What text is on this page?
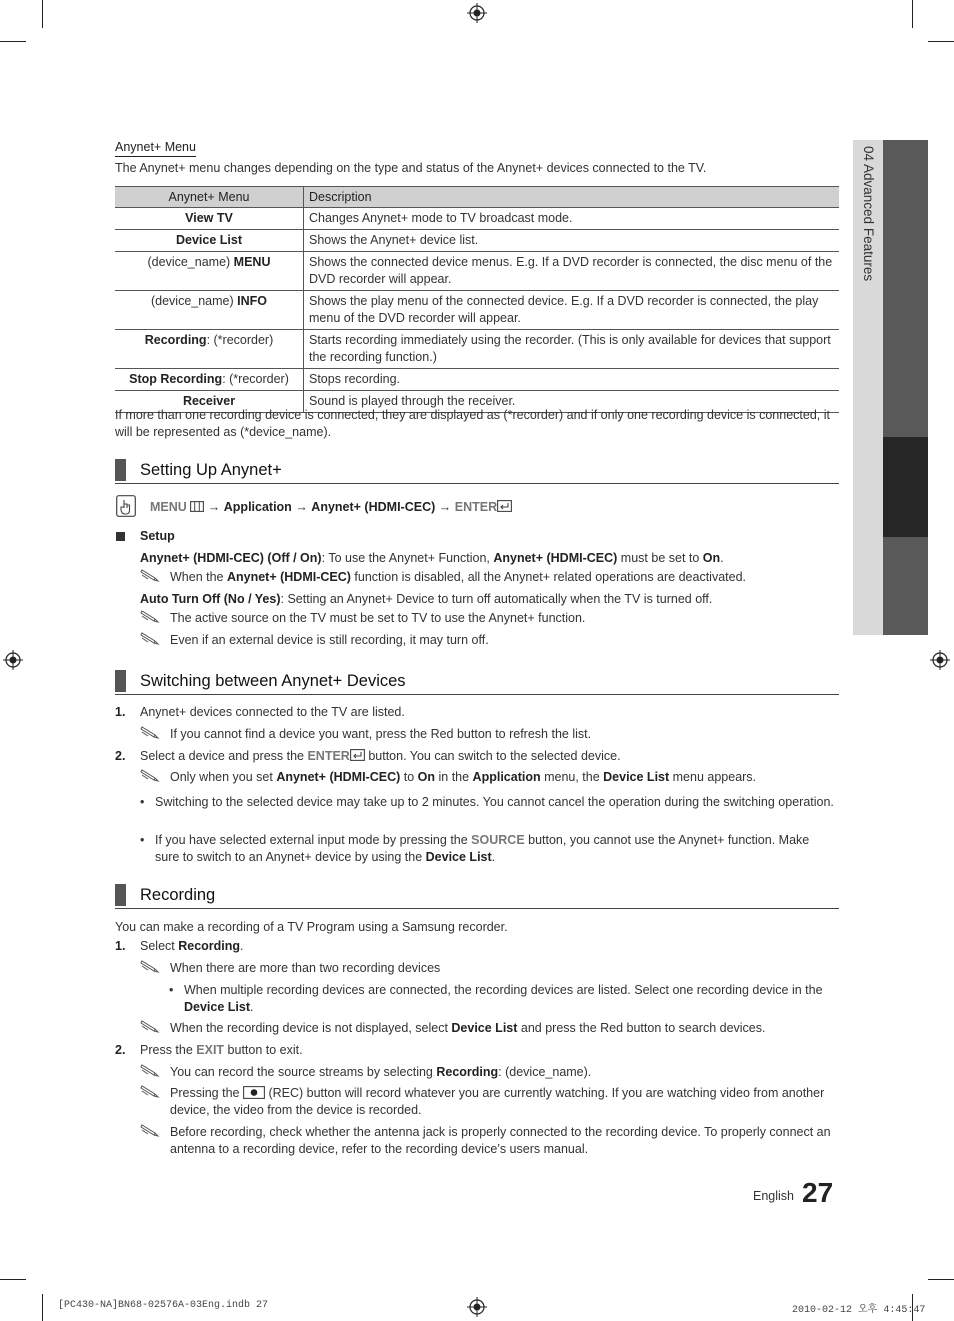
04 Advanced Features
Anynet+ Menu
The Anynet+ menu changes depending on the type and status of the Anynet+ devices connected to the TV.
Anynet+ Menu	Description
View TV	Changes Anynet+ mode to TV broadcast mode.
Device List	Shows the Anynet+ device list.
(device_name) MENU	Shows the connected device menus. E.g. If a DVD recorder is connected, the disc menu of the DVD recorder will appear.
(device_name) INFO	Shows the play menu of the connected device. E.g. If a DVD recorder is connected, the play menu of the DVD recorder will appear.
Recording: (*recorder)	Starts recording immediately using the recorder. (This is only available for devices that support the recording function.)
Stop Recording: (*recorder)	Stops recording.
Receiver	Sound is played through the receiver.
If more than one recording device is connected, they are displayed as (*recorder) and if only one recording device is connected, it will be represented as (*device_name).
Setting Up Anynet+
MENU → Application → Anynet+ (HDMI-CEC) → ENTER
Setup
Anynet+ (HDMI-CEC) (Off / On): To use the Anynet+ Function, Anynet+ (HDMI-CEC) must be set to On.
When the Anynet+ (HDMI-CEC) function is disabled, all the Anynet+ related operations are deactivated.
Auto Turn Off (No / Yes): Setting an Anynet+ Device to turn off automatically when the TV is turned off.
The active source on the TV must be set to TV to use the Anynet+ function.
Even if an external device is still recording, it may turn off.
Switching between Anynet+ Devices
1. Anynet+ devices connected to the TV are listed.
If you cannot find a device you want, press the Red button to refresh the list.
2. Select a device and press the ENTER button. You can switch to the selected device.
Only when you set Anynet+ (HDMI-CEC) to On in the Application menu, the Device List menu appears.
• Switching to the selected device may take up to 2 minutes. You cannot cancel the operation during the switching operation.
• If you have selected external input mode by pressing the SOURCE button, you cannot use the Anynet+ function. Make sure to switch to an Anynet+ device by using the Device List.
Recording
You can make a recording of a TV Program using a Samsung recorder.
1. Select Recording.
When there are more than two recording devices
• When multiple recording devices are connected, the recording devices are listed. Select one recording device in the Device List.
When the recording device is not displayed, select Device List and press the Red button to search devices.
2. Press the EXIT button to exit.
You can record the source streams by selecting Recording: (device_name).
Pressing the  (REC) button will record whatever you are currently watching. If you are watching video from another device, the video from the device is recorded.
Before recording, check whether the antenna jack is properly connected to the recording device. To properly connect an antenna to a recording device, refer to the recording device’s users manual.
English 27
[PC430-NA]BN68-02576A-03Eng.indb 27	2010-02-12 오후 4:45:47
